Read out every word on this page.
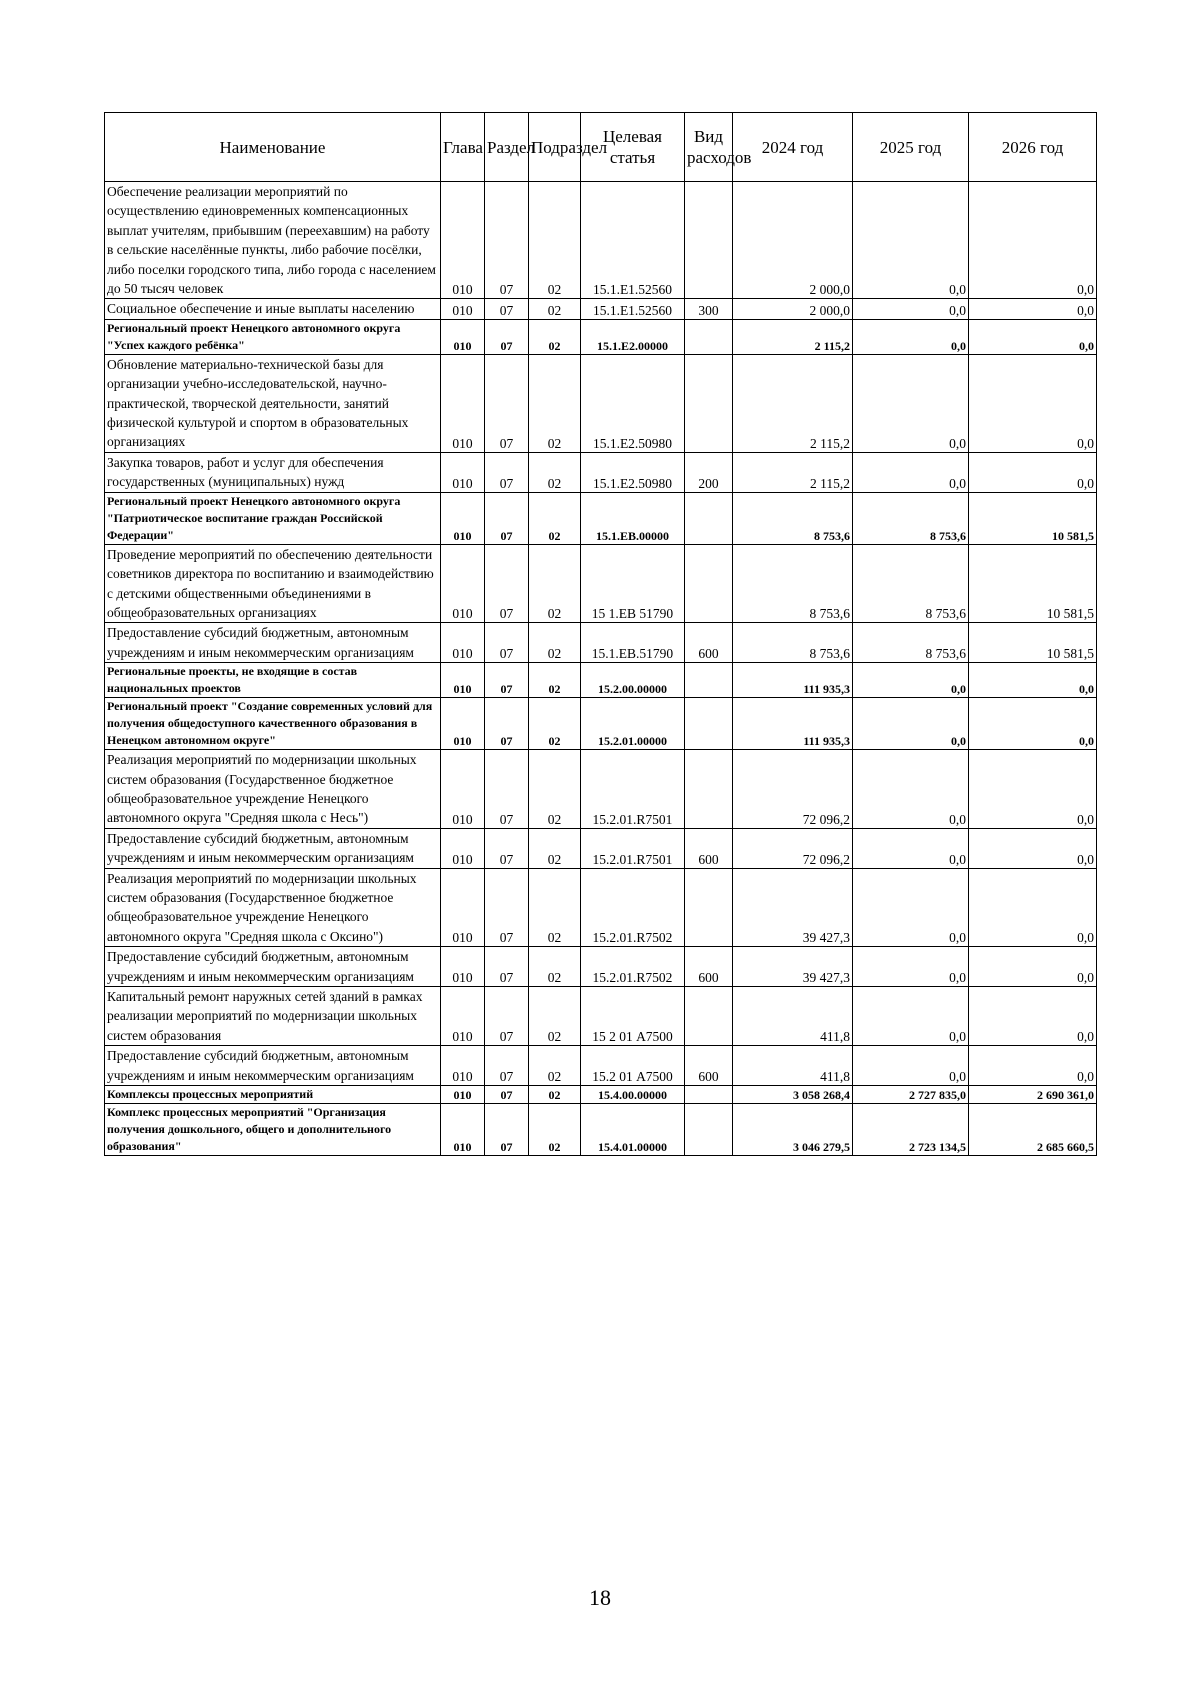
Наименование	Глава	Раздел	Подраздел	Целевая статья	Вид расходов	2024 год	2025 год	2026 год
Обеспечение реализации мероприятий по осуществлению единовременных компенсационных выплат учителям, прибывшим (переехавшим) на работу в сельские населённые пункты, либо рабочие посёлки, либо поселки городского типа, либо города с населением до 50 тысяч человек	010	07	02	15.1.Е1.52560		2 000,0	0,0	0,0
Социальное обеспечение и иные выплаты населению	010	07	02	15.1.Е1.52560	300	2 000,0	0,0	0,0
Региональный проект Ненецкого автономного округа "Успех каждого ребёнка"	010	07	02	15.1.Е2.00000		2 115,2	0,0	0,0
Обновление материально-технической базы для организации учебно-исследовательской, научно-практической, творческой деятельности, занятий физической культурой и спортом в образовательных организациях	010	07	02	15.1.Е2.50980		2 115,2	0,0	0,0
Закупка товаров, работ и услуг для обеспечения государственных (муниципальных) нужд	010	07	02	15.1.Е2.50980	200	2 115,2	0,0	0,0
Региональный проект Ненецкого автономного округа "Патриотическое воспитание граждан Российской Федерации"	010	07	02	15.1.ЕВ.00000		8 753,6	8 753,6	10 581,5
Проведение мероприятий по обеспечению деятельности советников директора по воспитанию и взаимодействию с детскими общественными объединениями в общеобразовательных организациях	010	07	02	15 1.ЕВ 51790		8 753,6	8 753,6	10 581,5
Предоставление субсидий бюджетным, автономным учреждениям и иным некоммерческим организациям	010	07	02	15.1.ЕВ.51790	600	8 753,6	8 753,6	10 581,5
Региональные проекты, не входящие в состав национальных проектов	010	07	02	15.2.00.00000		111 935,3	0,0	0,0
Региональный проект "Создание современных условий для получения общедоступного качественного образования в Ненецком автономном округе"	010	07	02	15.2.01.00000		111 935,3	0,0	0,0
Реализация мероприятий по модернизации школьных систем образования (Государственное бюджетное общеобразовательное учреждение Ненецкого автономного округа "Средняя школа с Несь")	010	07	02	15.2.01.R7501		72 096,2	0,0	0,0
Предоставление субсидий бюджетным, автономным учреждениям и иным некоммерческим организациям	010	07	02	15.2.01.R7501	600	72 096,2	0,0	0,0
Реализация мероприятий по модернизации школьных систем образования (Государственное бюджетное общеобразовательное учреждение Ненецкого автономного округа "Средняя школа с Оксино")	010	07	02	15.2.01.R7502		39 427,3	0,0	0,0
Предоставление субсидий бюджетным, автономным учреждениям и иным некоммерческим организациям	010	07	02	15.2.01.R7502	600	39 427,3	0,0	0,0
Капитальный ремонт наружных сетей зданий в рамках реализации мероприятий по модернизации школьных систем образования	010	07	02	15 2 01 А7500		411,8	0,0	0,0
Предоставление субсидий бюджетным, автономным учреждениям и иным некоммерческим организациям	010	07	02	15.2 01 А7500	600	411,8	0,0	0,0
Комплексы процессных мероприятий	010	07	02	15.4.00.00000		3 058 268,4	2 727 835,0	2 690 361,0
Комплекс процессных мероприятий "Организация получения дошкольного, общего и дополнительного образования"	010	07	02	15.4.01.00000		3 046 279,5	2 723 134,5	2 685 660,5
18
